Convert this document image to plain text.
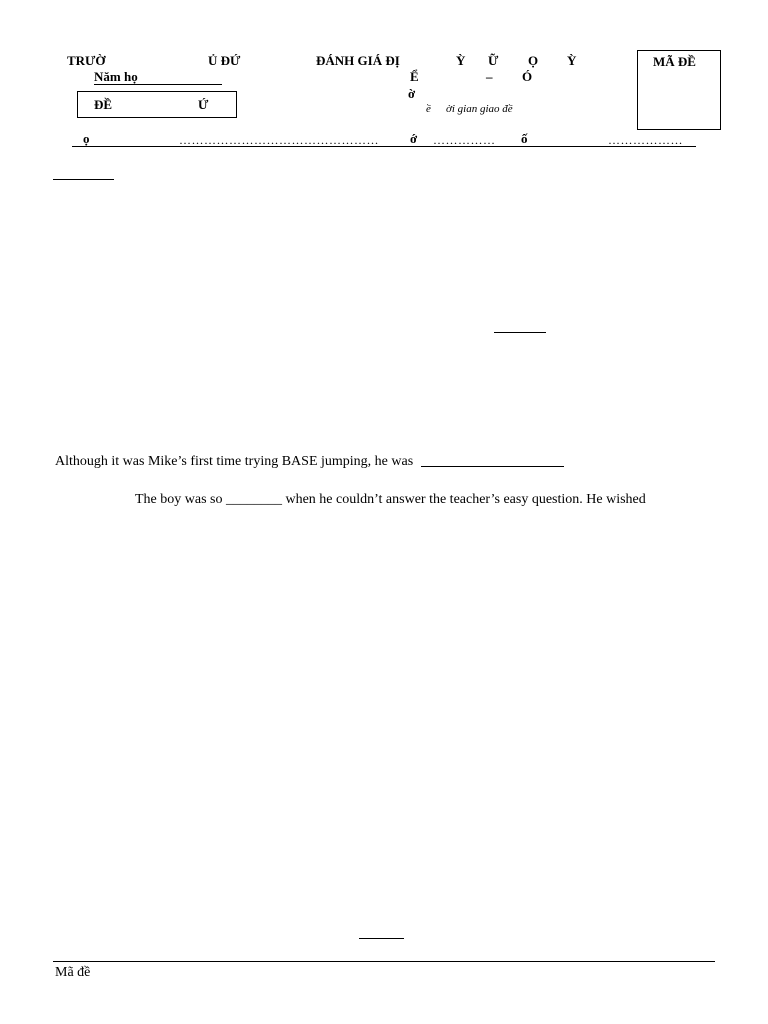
TRƯỜ	Ủ ĐỨ	ĐÁNH GIÁ ĐỊ	Ỳ Ữ Ọ Ỳ	MÃ ĐỀ
Năm họ	Ể	– Ó
ờ
ề ời gian giao đề
ĐỀ	Ứ
ọ	………………………………………… ớ …………… ố	………………
Although it was Mike’s first time trying BASE jumping, he was
The boy was so ________ when he couldn’t answer the teacher’s easy question. He wished
Mã đề
